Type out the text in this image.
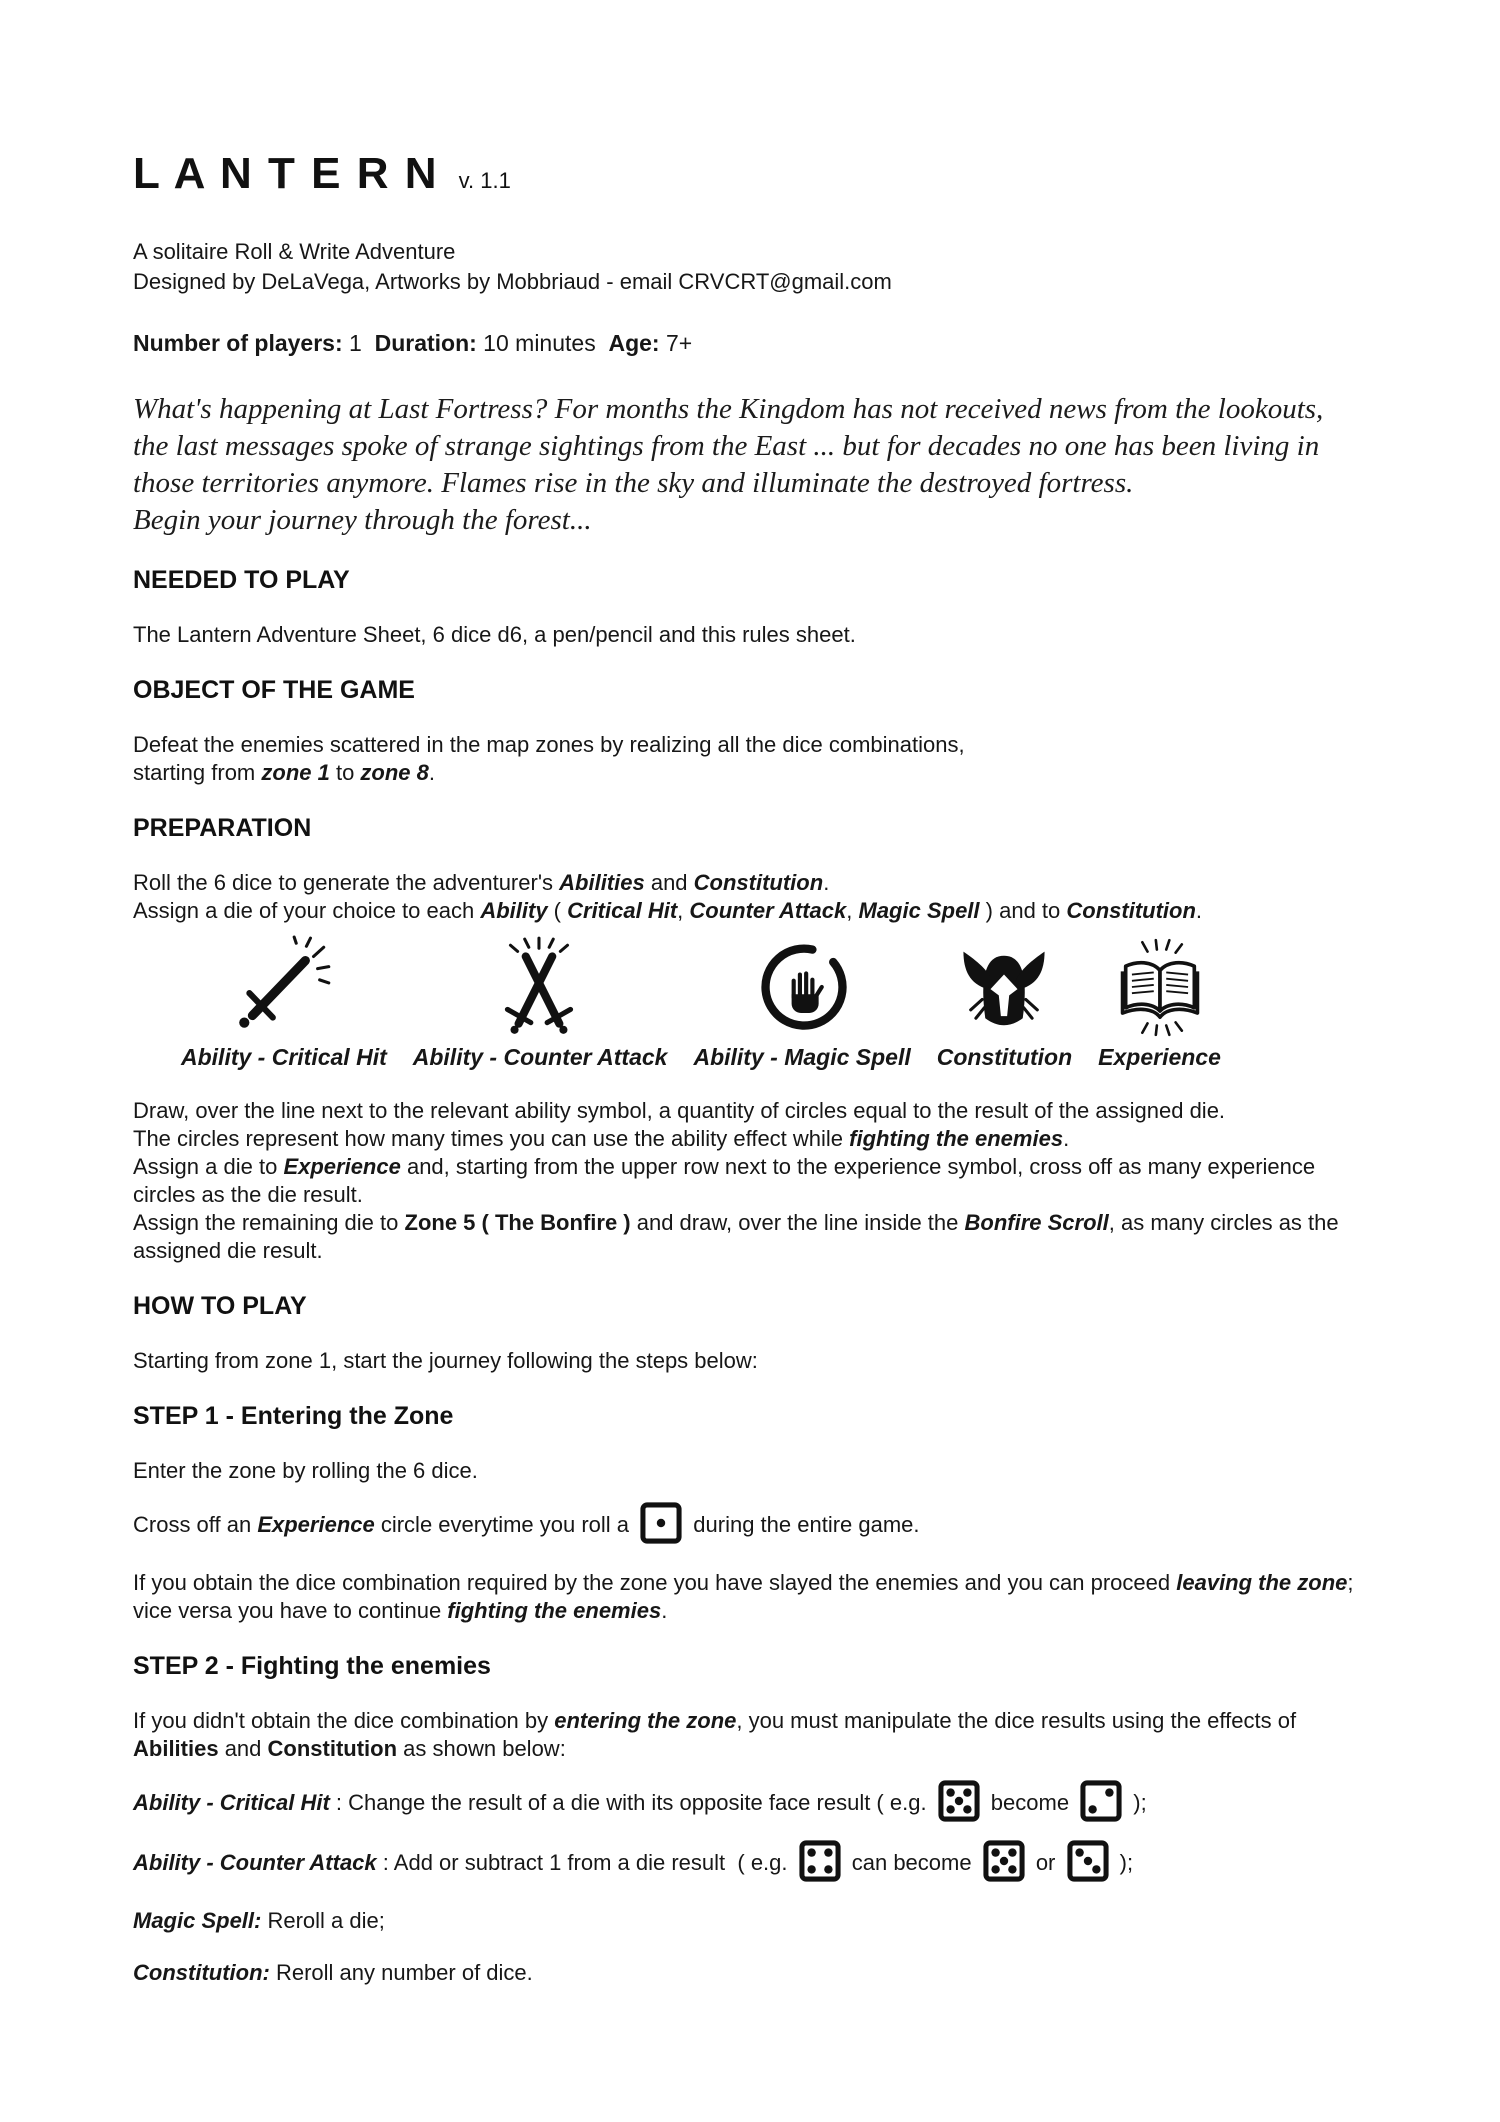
L A N T E R N v. 1.1
A solitaire Roll & Write Adventure
Designed by DeLaVega, Artworks by Mobbriaud - email CRVCRT@gmail.com
Number of players: 1  Duration: 10 minutes  Age: 7+
What's happening at Last Fortress? For months the Kingdom has not received news from the lookouts,
the last messages spoke of strange sightings from the East ... but for decades no one has been living in
those territories anymore. Flames rise in the sky and illuminate the destroyed fortress.
Begin your journey through the forest...
NEEDED TO PLAY
The Lantern Adventure Sheet, 6 dice d6, a pen/pencil and this rules sheet.
OBJECT OF THE GAME
Defeat the enemies scattered in the map zones by realizing all the dice combinations,
starting from zone 1 to zone 8.
PREPARATION
Roll the 6 dice to generate the adventurer's Abilities and Constitution.
Assign a die of your choice to each Ability ( Critical Hit, Counter Attack, Magic Spell ) and to Constitution.
Ability - Critical Hit Ability - Counter Attack Ability - Magic Spell Constitution Experience
Draw, over the line next to the relevant ability symbol, a quantity of circles equal to the result of the assigned die.
The circles represent how many times you can use the ability effect while fighting the enemies.
Assign a die to Experience and, starting from the upper row next to the experience symbol, cross off as many experience circles as the die result.
Assign the remaining die to Zone 5 ( The Bonfire ) and draw, over the line inside the Bonfire Scroll, as many circles as the assigned die result.
HOW TO PLAY
Starting from zone 1, start the journey following the steps below:
STEP 1 - Entering the Zone
Enter the zone by rolling the 6 dice.
Cross off an Experience circle everytime you roll a  during the entire game.
If you obtain the dice combination required by the zone you have slayed the enemies and you can proceed leaving the zone; vice versa you have to continue fighting the enemies.
STEP 2 - Fighting the enemies
If you didn't obtain the dice combination by entering the zone, you must manipulate the dice results using the effects of Abilities and Constitution as shown below:
Ability - Critical Hit : Change the result of a die with its opposite face result ( e.g.  become  );
Ability - Counter Attack : Add or subtract 1 from a die result  ( e.g.  can become  or  );
Magic Spell: Reroll a die;
Constitution: Reroll any number of dice.
